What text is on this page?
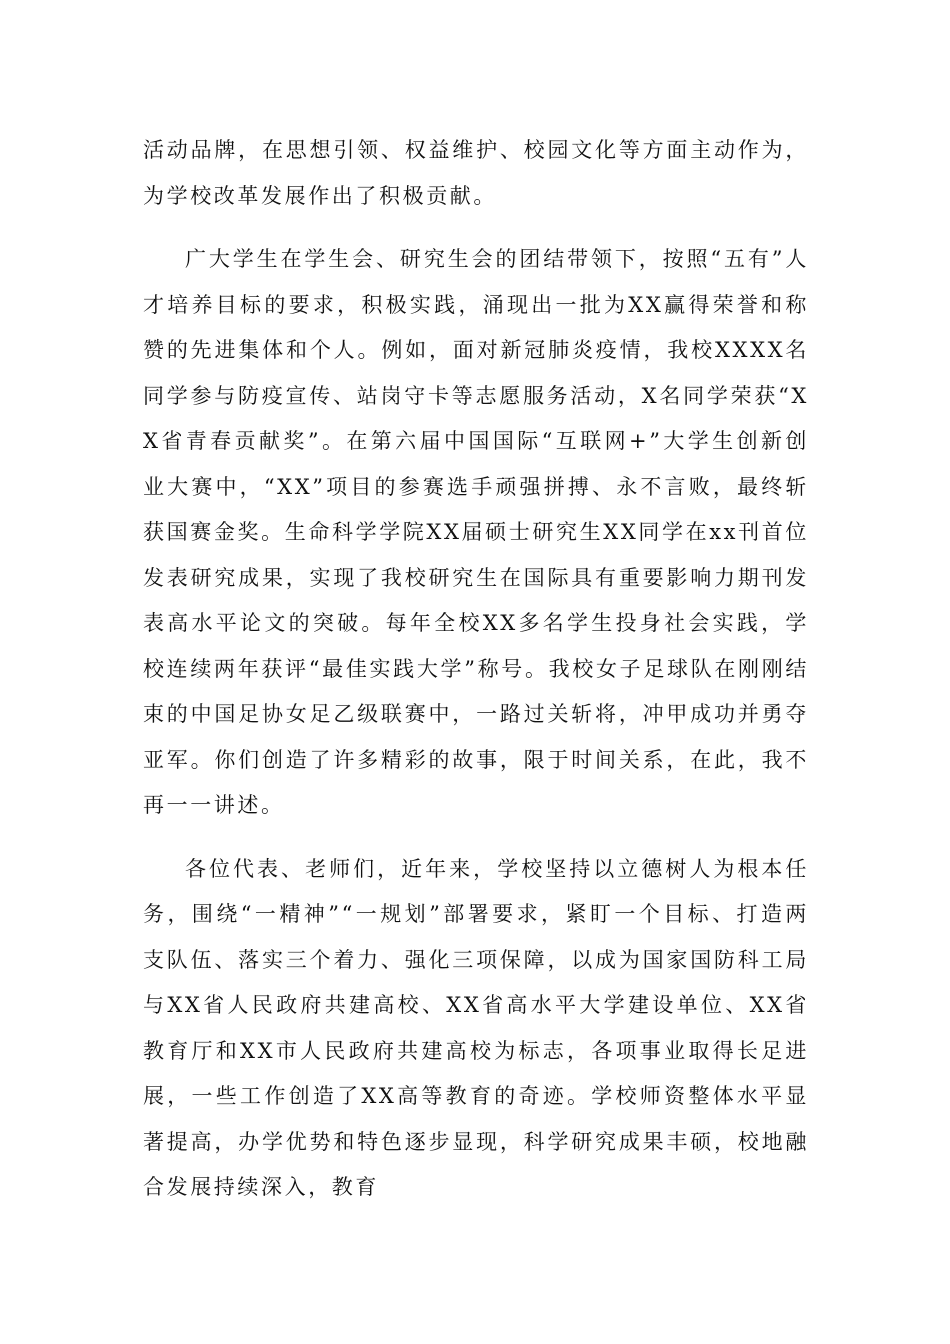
活动品牌，在思想引领、权益维护、校园文化等方面主动作为，为学校改革发展作出了积极贡献。

广大学生在学生会、研究生会的团结带领下，按照“五有”人才培养目标的要求，积极实践，涌现出一批为XX赢得荣誉和称赞的先进集体和个人。例如，面对新冠肺炎疫情，我校XXXX名同学参与防疫宣传、站岗守卡等志愿服务活动，X名同学荣获“XX省青春贡献奖”。在第六届中国国际“互联网+”大学生创新创业大赛中，“XX”项目的参赛选手顽强拼搏、永不言败，最终斩获国赛金奖。生命科学学院XX届硕士研究生XX同学在xx刊首位发表研究成果，实现了我校研究生在国际具有重要影响力期刊发表高水平论文的突破。每年全校XX多名学生投身社会实践，学校连续两年获评“最佳实践大学”称号。我校女子足球队在刚刚结束的中国足协女足乙级联赛中，一路过关斩将，冲甲成功并勇夺亚军。你们创造了许多精彩的故事，限于时间关系，在此，我不再一一讲述。

各位代表、老师们，近年来，学校坚持以立德树人为根本任务，围绕“一精神”“一规划”部署要求，紧盯一个目标、打造两支队伍、落实三个着力、强化三项保障，以成为国家国防科工局与XX省人民政府共建高校、XX省高水平大学建设单位、XX省教育厅和XX市人民政府共建高校为标志，各项事业取得长足进展，一些工作创造了XX高等教育的奇迹。学校师资整体水平显著提高，办学优势和特色逐步显现，科学研究成果丰硕，校地融合发展持续深入，教育
